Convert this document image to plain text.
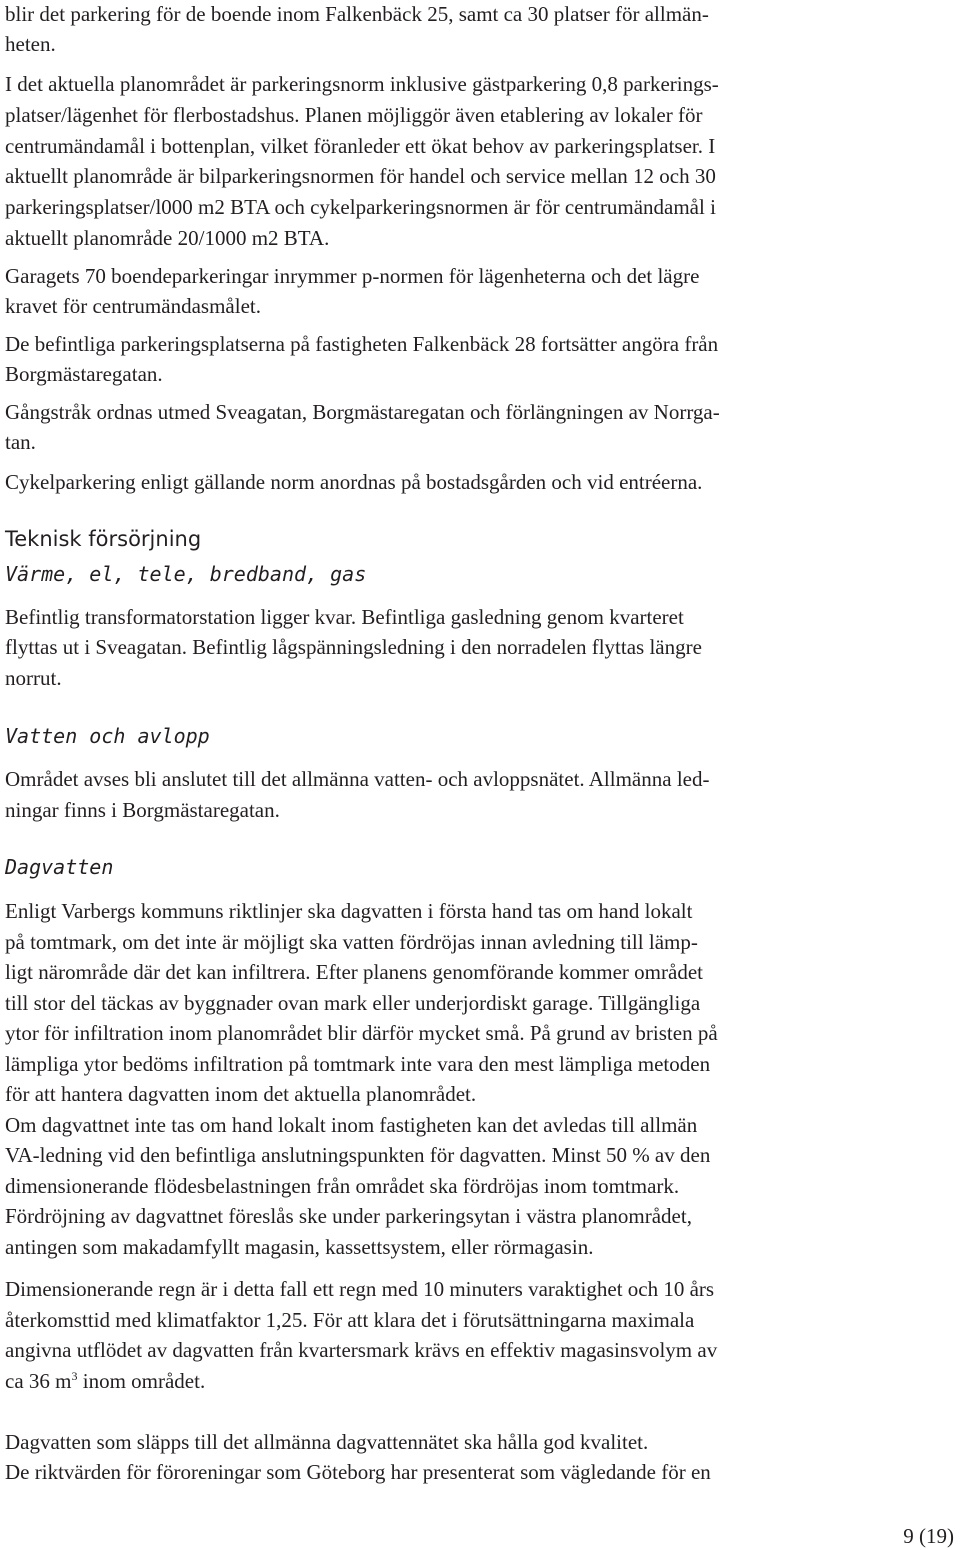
blir det parkering för de boende inom Falkenbäck 25, samt ca 30 platser för allmän-
heten.
I det aktuella planområdet är parkeringsnorm inklusive gästparkering 0,8 parkerings-
platser/lägenhet för flerbostadshus. Planen möjliggör även etablering av lokaler för
centrumändamål i bottenplan, vilket föranleder ett ökat behov av parkeringsplatser. I
aktuellt planområde är bilparkeringsnormen för handel och service mellan 12 och 30
parkeringsplatser/l000 m2 BTA och cykelparkeringsnormen är för centrumändamål i
aktuellt planområde 20/1000 m2 BTA.
Garagets 70 boendeparkeringar inrymmer p-normen för lägenheterna och det lägre
kravet för centrumändasmålet.
De befintliga parkeringsplatserna på fastigheten Falkenbäck 28 fortsätter angöra från
Borgmästaregatan.
Gångstråk ordnas utmed Sveagatan, Borgmästaregatan och förlängningen av Norrga-
tan.
Cykelparkering enligt gällande norm anordnas på bostadsgården och vid entréerna.
Teknisk försörjning
Värme, el, tele, bredband, gas
Befintlig transformatorstation ligger kvar. Befintliga gasledning genom kvarteret
flyttas ut i Sveagatan. Befintlig lågspänningsledning i den norradelen flyttas längre
norrut.
Vatten och avlopp
Området avses bli anslutet till det allmänna vatten- och avloppsnätet. Allmänna led-
ningar finns i Borgmästaregatan.
Dagvatten
Enligt Varbergs kommuns riktlinjer ska dagvatten i första hand tas om hand lokalt
på tomtmark, om det inte är möjligt ska vatten fördröjas innan avledning till lämp-
ligt närområde där det kan infiltrera. Efter planens genomförande kommer området
till stor del täckas av byggnader ovan mark eller underjordiskt garage. Tillgängliga
ytor för infiltration inom planområdet blir därför mycket små. På grund av bristen på
lämpliga ytor bedöms infiltration på tomtmark inte vara den mest lämpliga metoden
för att hantera dagvatten inom det aktuella planområdet.
Om dagvattnet inte tas om hand lokalt inom fastigheten kan det avledas till allmän
VA-ledning vid den befintliga anslutningspunkten för dagvatten. Minst 50 % av den
dimensionerande flödesbelastningen från området ska fördröjas inom tomtmark.
Fördröjning av dagvattnet föreslås ske under parkeringsytan i västra planområdet,
antingen som makadamfyllt magasin, kassettsystem, eller rörmagasin.
Dimensionerande regn är i detta fall ett regn med 10 minuters varaktighet och 10 års
återkomsttid med klimatfaktor 1,25. För att klara det i förutsättningarna maximala
angivna utflödet av dagvatten från kvartersmark krävs en effektiv magasinsvolym av
ca 36 $m^3$ inom området.
Dagvatten som släpps till det allmänna dagvattennätet ska hålla god kvalitet.
De riktvärden för föroreningar som Göteborg har presenterat som vägledande för en
9 (19)
